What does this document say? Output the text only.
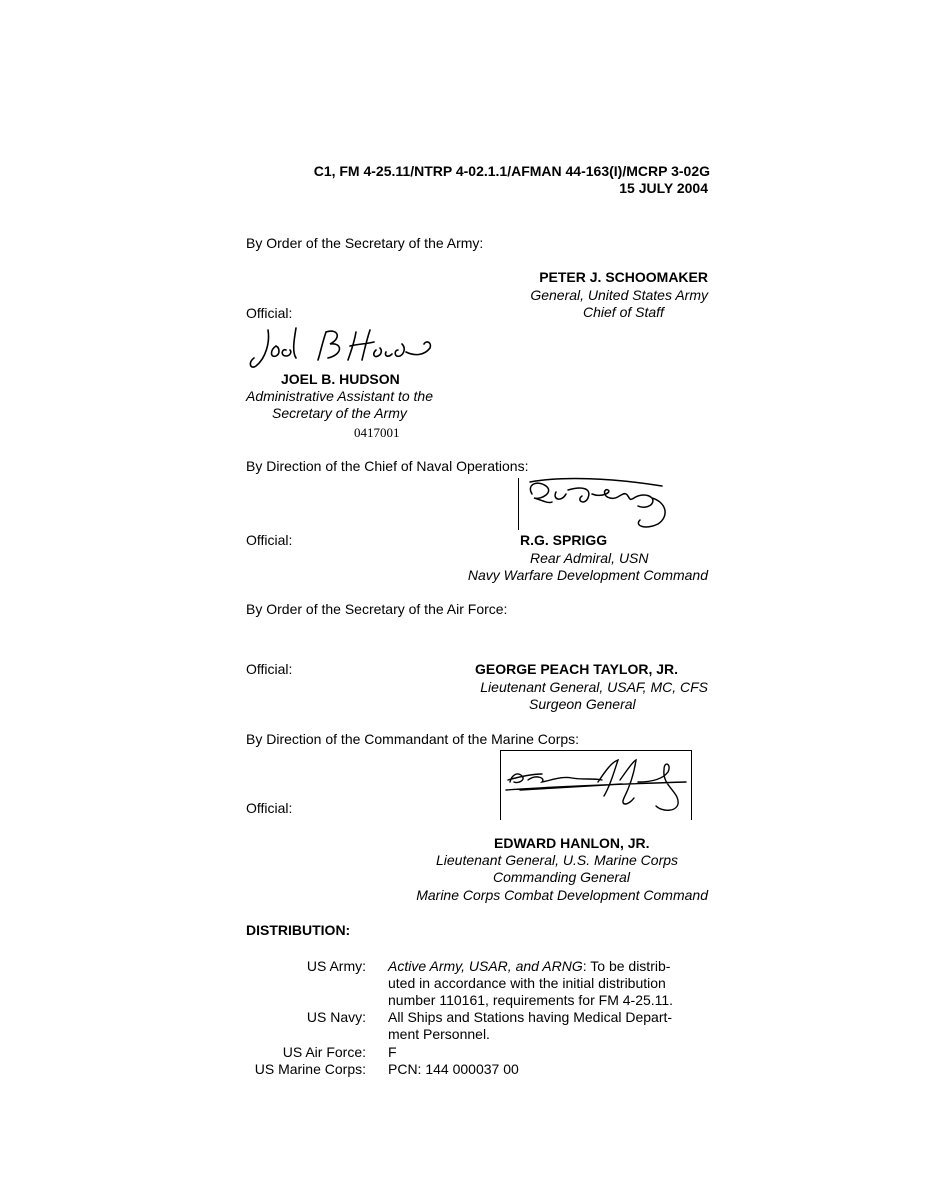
C1, FM 4-25.11/NTRP 4-02.1.1/AFMAN 44-163(I)/MCRP 3-02G
15 JULY 2004
By Order of the Secretary of the Army:
PETER J. SCHOOMAKER
General, United States Army
Chief of Staff
Official:
JOEL B. HUDSON
Administrative Assistant to the
Secretary of the Army
0417001
By Direction of the Chief of Naval Operations:
Official:	R.G. SPRIGG
Rear Admiral, USN
Navy Warfare Development Command
By Order of the Secretary of the Air Force:
Official:	GEORGE PEACH TAYLOR, JR.
Lieutenant General, USAF, MC, CFS
Surgeon General
By Direction of the Commandant of the Marine Corps:
Official:
EDWARD HANLON, JR.
Lieutenant General, U.S. Marine Corps
Commanding General
Marine Corps Combat Development Command
DISTRIBUTION:
US Army: Active Army, USAR, and ARNG: To be distrib-
uted in accordance with the initial distribution
number 110161, requirements for FM 4-25.11.
US Navy: All Ships and Stations having Medical Depart-
ment Personnel.
US Air Force: F
US Marine Corps: PCN: 144 000037 00
